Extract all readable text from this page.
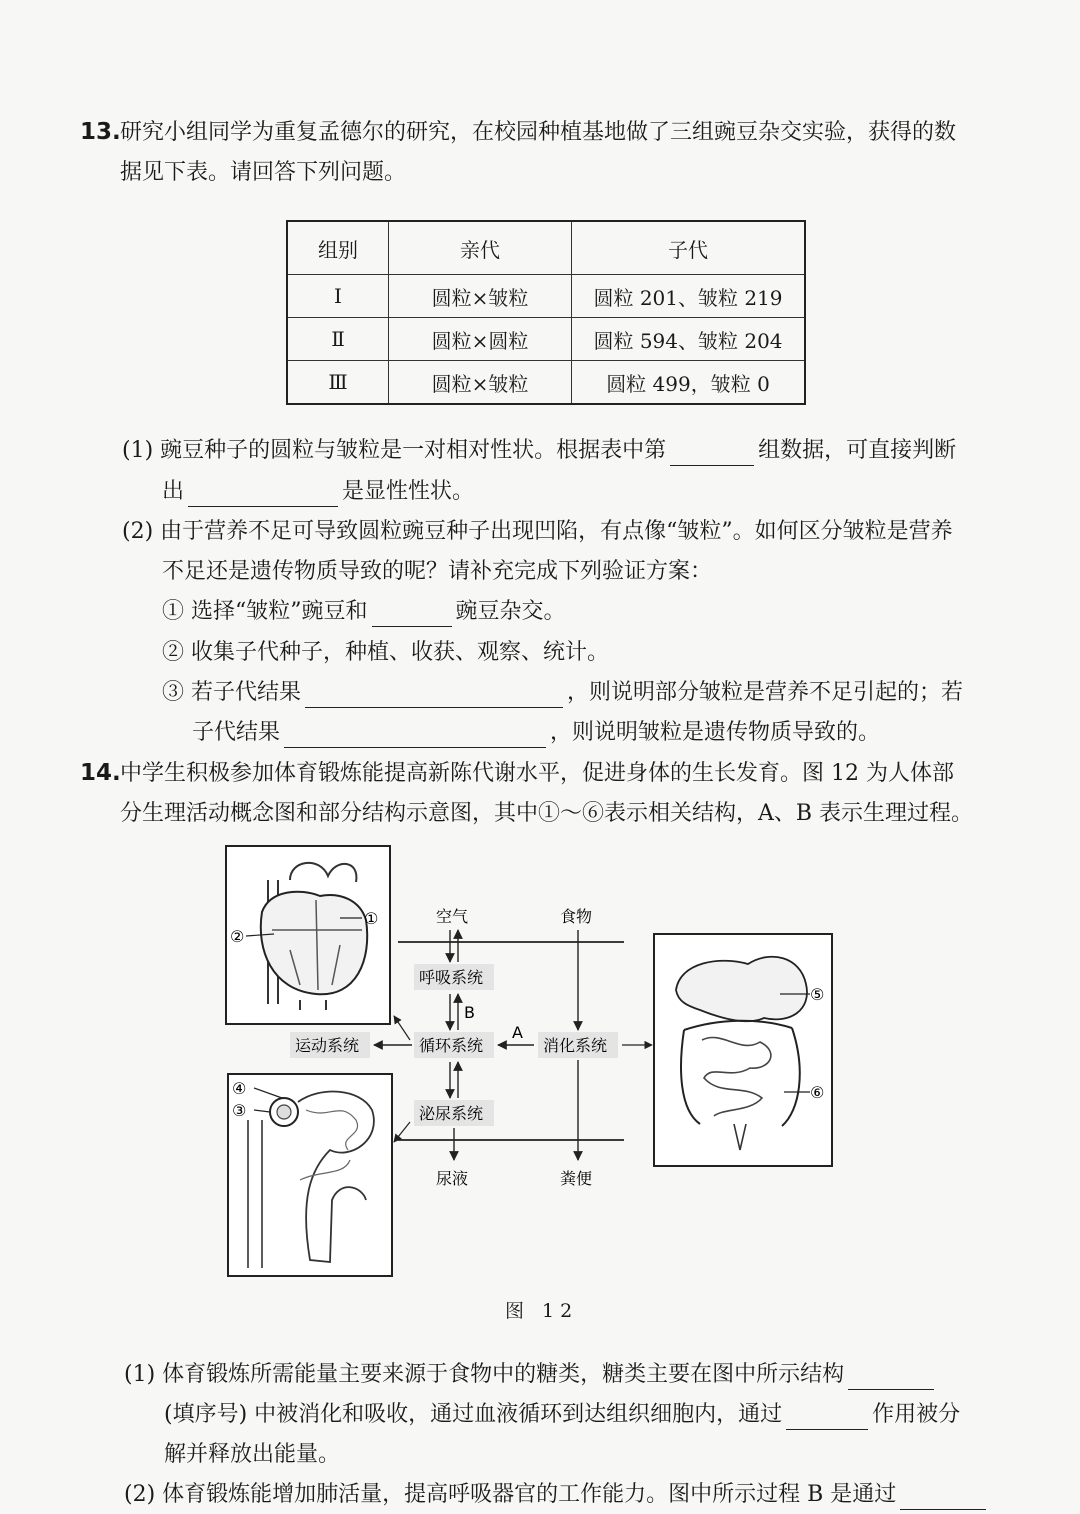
13. 研究小组同学为重复孟德尔的研究，在校园种植基地做了三组豌豆杂交实验，获得的数
据见下表。请回答下列问题。
组别	亲代	子代
Ⅰ	圆粒×皱粒	圆粒 201、皱粒 219
Ⅱ	圆粒×圆粒	圆粒 594、皱粒 204
Ⅲ	圆粒×皱粒	圆粒 499，皱粒 0
(1) 豌豆种子的圆粒与皱粒是一对相对性状。根据表中第	组数据，可直接判断
出	是显性性状。
(2) 由于营养不足可导致圆粒豌豆种子出现凹陷，有点像“皱粒”。如何区分皱粒是营养
不足还是遗传物质导致的呢？请补充完成下列验证方案：
① 选择“皱粒”豌豆和	豌豆杂交。
② 收集子代种子，种植、收获、观察、统计。
③ 若子代结果	，则说明部分皱粒是营养不足引起的；若
子代结果	，则说明皱粒是遗传物质导致的。
14. 中学生积极参加体育锻炼能提高新陈代谢水平，促进身体的生长发育。图 12 为人体部
分生理活动概念图和部分结构示意图，其中①～⑥表示相关结构，A、B 表示生理过程。
①
②
④
③
⑤
⑥
空气	食物
尿液	粪便
呼吸系统
循环系统	消化系统
运动系统
泌尿系统
B
A
图 12
(1) 体育锻炼所需能量主要来源于食物中的糖类，糖类主要在图中所示结构
(填序号) 中被消化和吸收，通过血液循环到达组织细胞内，通过	作用被分
解并释放出能量。
(2) 体育锻炼能增加肺活量，提高呼吸器官的工作能力。图中所示过程 B 是通过
